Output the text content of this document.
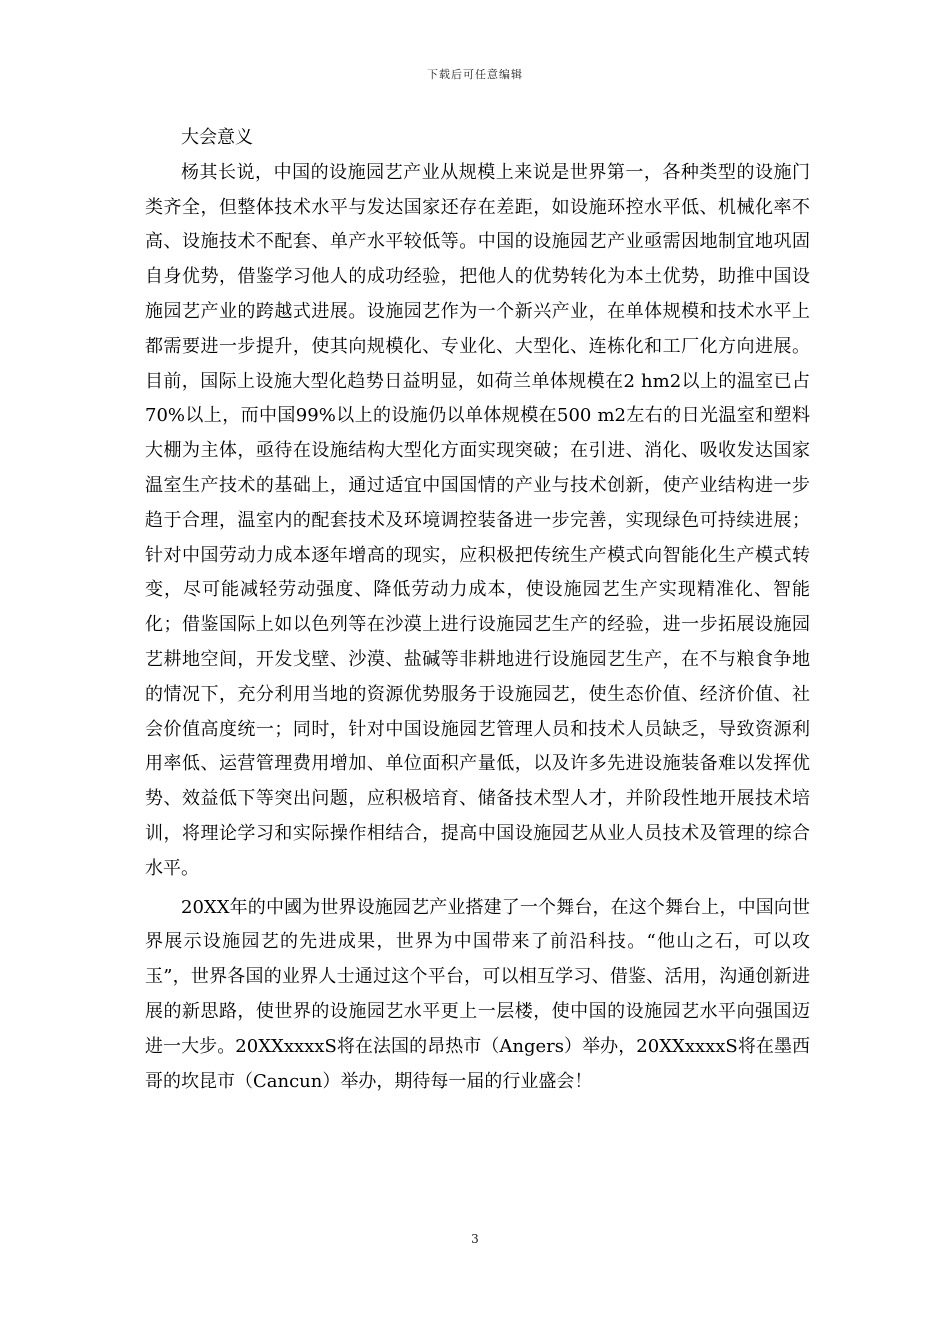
下载后可任意编辑

大会意义

杨其长说，中国的设施园艺产业从规模上来说是世界第一，各种类型的设施门类齐全，但整体技术水平与发达国家还存在差距，如设施环控水平低、机械化率不高、设施技术不配套、单产水平较低等。中国的设施园艺产业亟需因地制宜地巩固自身优势，借鉴学习他人的成功经验，把他人的优势转化为本土优势，助推中国设施园艺产业的跨越式进展。设施园艺作为一个新兴产业，在单体规模和技术水平上都需要进一步提升，使其向规模化、专业化、大型化、连栋化和工厂化方向进展。目前，国际上设施大型化趋势日益明显，如荷兰单体规模在2 hm2以上的温室已占70%以上，而中国99%以上的设施仍以单体规模在500 m2左右的日光温室和塑料大棚为主体，亟待在设施结构大型化方面实现突破；在引进、消化、吸收发达国家温室生产技术的基础上，通过适宜中国国情的产业与技术创新，使产业结构进一步趋于合理，温室内的配套技术及环境调控装备进一步完善，实现绿色可持续进展；针对中国劳动力成本逐年增高的现实，应积极把传统生产模式向智能化生产模式转变，尽可能减轻劳动强度、降低劳动力成本，使设施园艺生产实现精准化、智能化；借鉴国际上如以色列等在沙漠上进行设施园艺生产的经验，进一步拓展设施园艺耕地空间，开发戈壁、沙漠、盐碱等非耕地进行设施园艺生产，在不与粮食争地的情况下，充分利用当地的资源优势服务于设施园艺，使生态价值、经济价值、社会价值高度统一；同时，针对中国设施园艺管理人员和技术人员缺乏，导致资源利用率低、运营管理费用增加、单位面积产量低，以及许多先进设施装备难以发挥优势、效益低下等突出问题，应积极培育、储备技术型人才，并阶段性地开展技术培训，将理论学习和实际操作相结合，提高中国设施园艺从业人员技术及管理的综合水平。

20XX年的中國为世界设施园艺产业搭建了一个舞台，在这个舞台上，中国向世界展示设施园艺的先进成果，世界为中国带来了前沿科技。“他山之石，可以攻玉”，世界各国的业界人士通过这个平台，可以相互学习、借鉴、活用，沟通创新进展的新思路，使世界的设施园艺水平更上一层楼，使中国的设施园艺水平向强国迈进一大步。20XXxxxxS将在法国的昂热市（Angers）举办，20XXxxxxS将在墨西哥的坎昆市（Cancun）举办，期待每一届的行业盛会！

3
